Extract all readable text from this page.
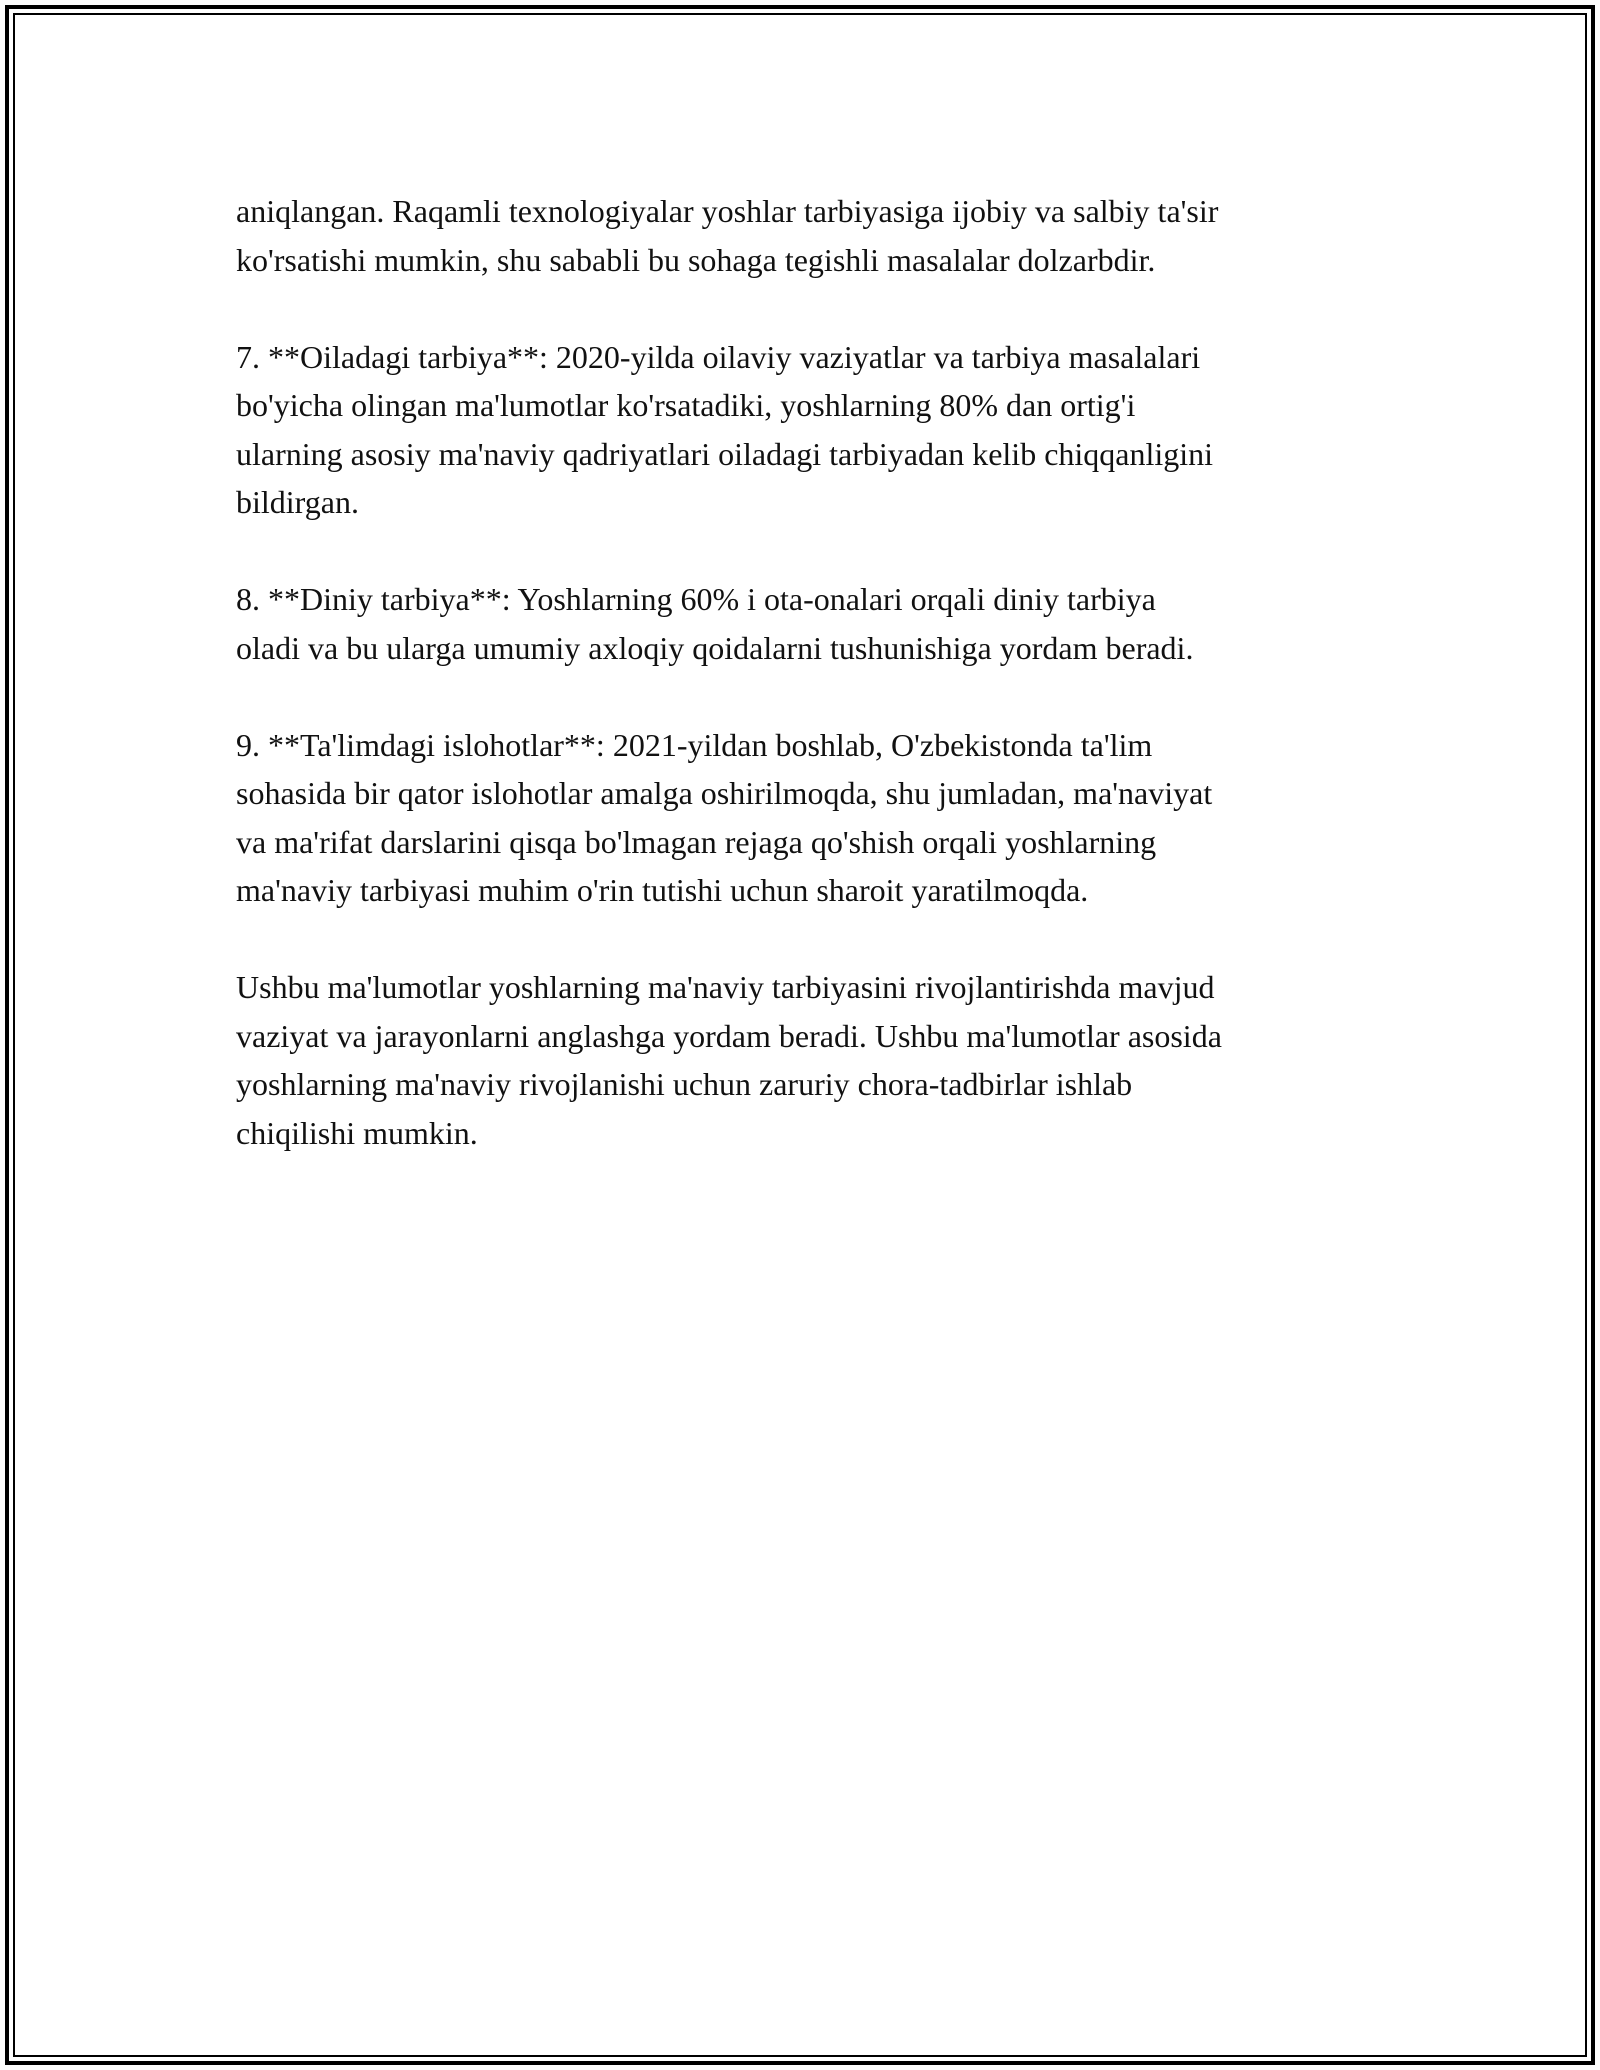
aniqlangan. Raqamli texnologiyalar yoshlar tarbiyasiga ijobiy va salbiy ta'sir
ko'rsatishi mumkin, shu sababli bu sohaga tegishli masalalar dolzarbdir.

7. **Oiladagi tarbiya**: 2020-yilda oilaviy vaziyatlar va tarbiya masalalari
bo'yicha olingan ma'lumotlar ko'rsatadiki, yoshlarning 80% dan ortig'i
ularning asosiy ma'naviy qadriyatlari oiladagi tarbiyadan kelib chiqqanligini
bildirgan.

8. **Diniy tarbiya**: Yoshlarning 60% i ota-onalari orqali diniy tarbiya
oladi va bu ularga umumiy axloqiy qoidalarni tushunishiga yordam beradi.

9. **Ta'limdagi islohotlar**: 2021-yildan boshlab, O'zbekistonda ta'lim
sohasida bir qator islohotlar amalga oshirilmoqda, shu jumladan, ma'naviyat
va ma'rifat darslarini qisqa bo'lmagan rejaga qo'shish orqali yoshlarning
ma'naviy tarbiyasi muhim o'rin tutishi uchun sharoit yaratilmoqda.

Ushbu ma'lumotlar yoshlarning ma'naviy tarbiyasini rivojlantirishda mavjud
vaziyat va jarayonlarni anglashga yordam beradi. Ushbu ma'lumotlar asosida
yoshlarning ma'naviy rivojlanishi uchun zaruriy chora-tadbirlar ishlab
chiqilishi mumkin.
